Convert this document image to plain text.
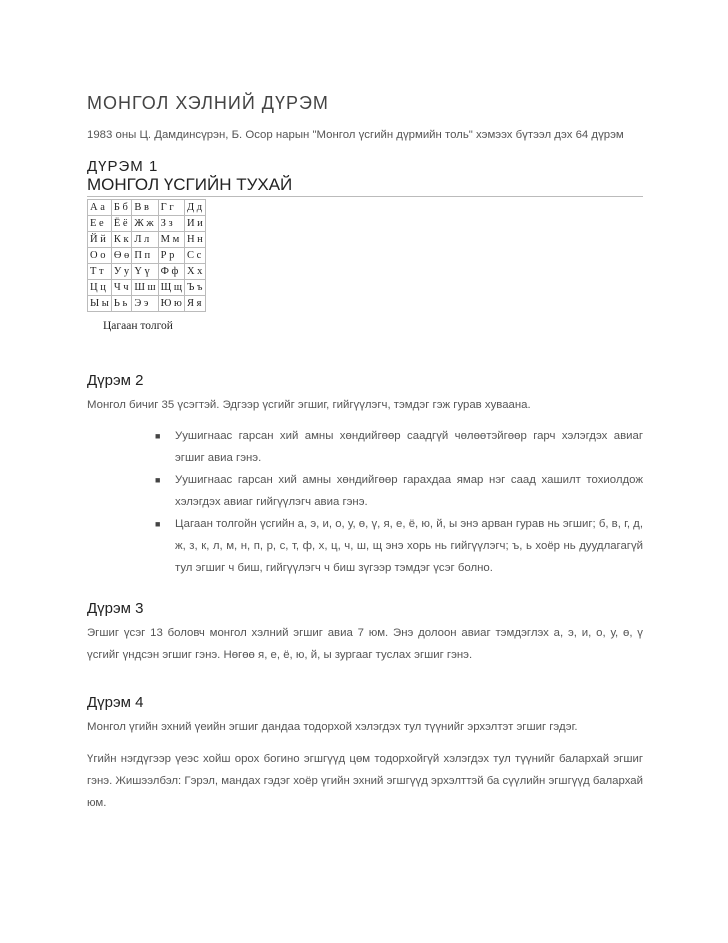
МОНГОЛ ХЭЛНИЙ ДҮРЭМ
1983 оны Ц. Дамдинсүрэн, Б. Осор нарын "Монгол үсгийн дүрмийн толь" хэмээх бүтээл дэх 64 дүрэм
ДҮРЭМ 1
МОНГОЛ ҮСГИЙН ТУХАЙ
А а	Б б	В в	Г г	Д д
Е е	Ё ё	Ж ж	З з	И и
Й й	К к	Л л	М м	Н н
О о	Ө ө	П п	Р р	С с
Т т	У у	Ү ү	Ф ф	Х х
Ц ц	Ч ч	Ш ш	Щ щ	Ъ ъ
Ы ы	Ь ь	Э э	Ю ю	Я я
Цагаан толгой
Дүрэм 2
Монгол бичиг 35 үсэгтэй. Эдгээр үсгийг эгшиг, гийгүүлэгч, тэмдэг гэж гурав хуваана.
■ Уушигнаас гарсан хий амны хөндийгөөр саадгүй чөлөөтэйгөөр гарч хэлэгдэх авиаг эгшиг авиа гэнэ.
■ Уушигнаас гарсан хий амны хөндийгөөр гарахдаа ямар нэг саад хашилт тохиолдож хэлэгдэх авиаг гийгүүлэгч авиа гэнэ.
■ Цагаан толгойн үсгийн а, э, и, о, у, ө, ү, я, е, ё, ю, й, ы энэ арван гурав нь эгшиг; б, в, г, д, ж, з, к, л, м, н, п, р, с, т, ф, х, ц, ч, ш, щ энэ хорь нь гийгүүлэгч; ъ, ь хоёр нь дуудлагагүй тул эгшиг ч биш, гийгүүлэгч ч биш зүгээр тэмдэг үсэг болно.
Дүрэм 3
Эгшиг үсэг 13 боловч монгол хэлний эгшиг авиа 7 юм. Энэ долоон авиаг тэмдэглэх а, э, и, о, у, ө, ү үсгийг үндсэн эгшиг гэнэ. Нөгөө я, е, ё, ю, й, ы зургааг туслах эгшиг гэнэ.
Дүрэм 4
Монгол үгийн эхний үеийн эгшиг дандаа тодорхой хэлэгдэх тул түүнийг эрхэлтэт эгшиг гэдэг.
Үгийн нэгдүгээр үеэс хойш орох богино эгшгүүд цөм тодорхойгүй хэлэгдэх тул түүнийг балархай эгшиг гэнэ. Жишээлбэл: Гэрэл, мандах гэдэг хоёр үгийн эхний эгшгүүд эрхэлттэй ба сүүлийн эгшгүүд балархай юм.
